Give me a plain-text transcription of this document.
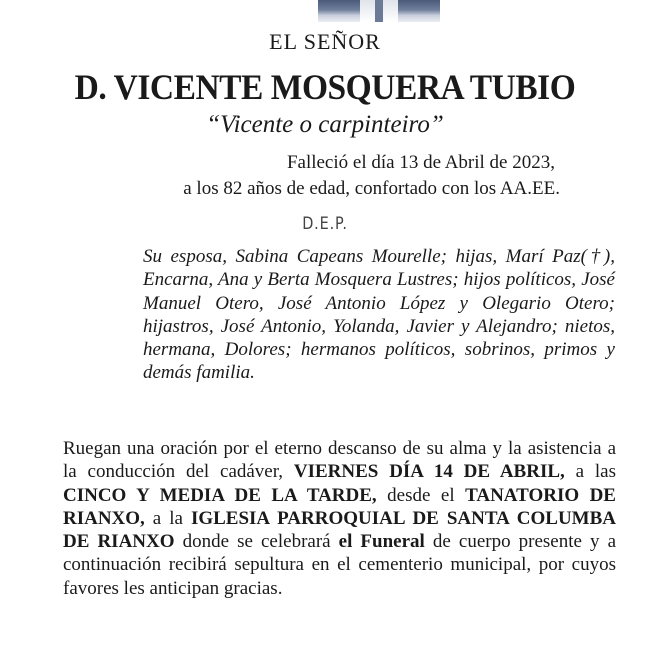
EL SEÑOR
D. VICENTE MOSQUERA TUBIO
“Vicente o carpinteiro”
Falleció el día 13 de Abril de 2023,
a los 82 años de edad, confortado con los AA.EE.
D.E.P.

Su esposa, Sabina Capeans Mourelle; hijas, Marí Paz(†), Encarna, Ana y Berta Mosquera Lustres; hijos políticos, José Manuel Otero, José Antonio López y Olegario Otero; hijastros, José Antonio, Yolanda, Javier y Alejandro; nietos, hermana, Dolores; hermanos políticos, sobrinos, primos y demás familia.

Ruegan una oración por el eterno descanso de su alma y la asistencia a la conducción del cadáver, VIERNES DÍA 14 DE ABRIL, a las CINCO Y MEDIA DE LA TARDE, desde el TANATORIO DE RIANXO, a la IGLESIA PARROQUIAL DE SANTA COLUMBA DE RIANXO donde se celebrará el Funeral de cuerpo presente y a continuación recibirá sepultura en el cementerio municipal, por cuyos favores les anticipan gracias.
